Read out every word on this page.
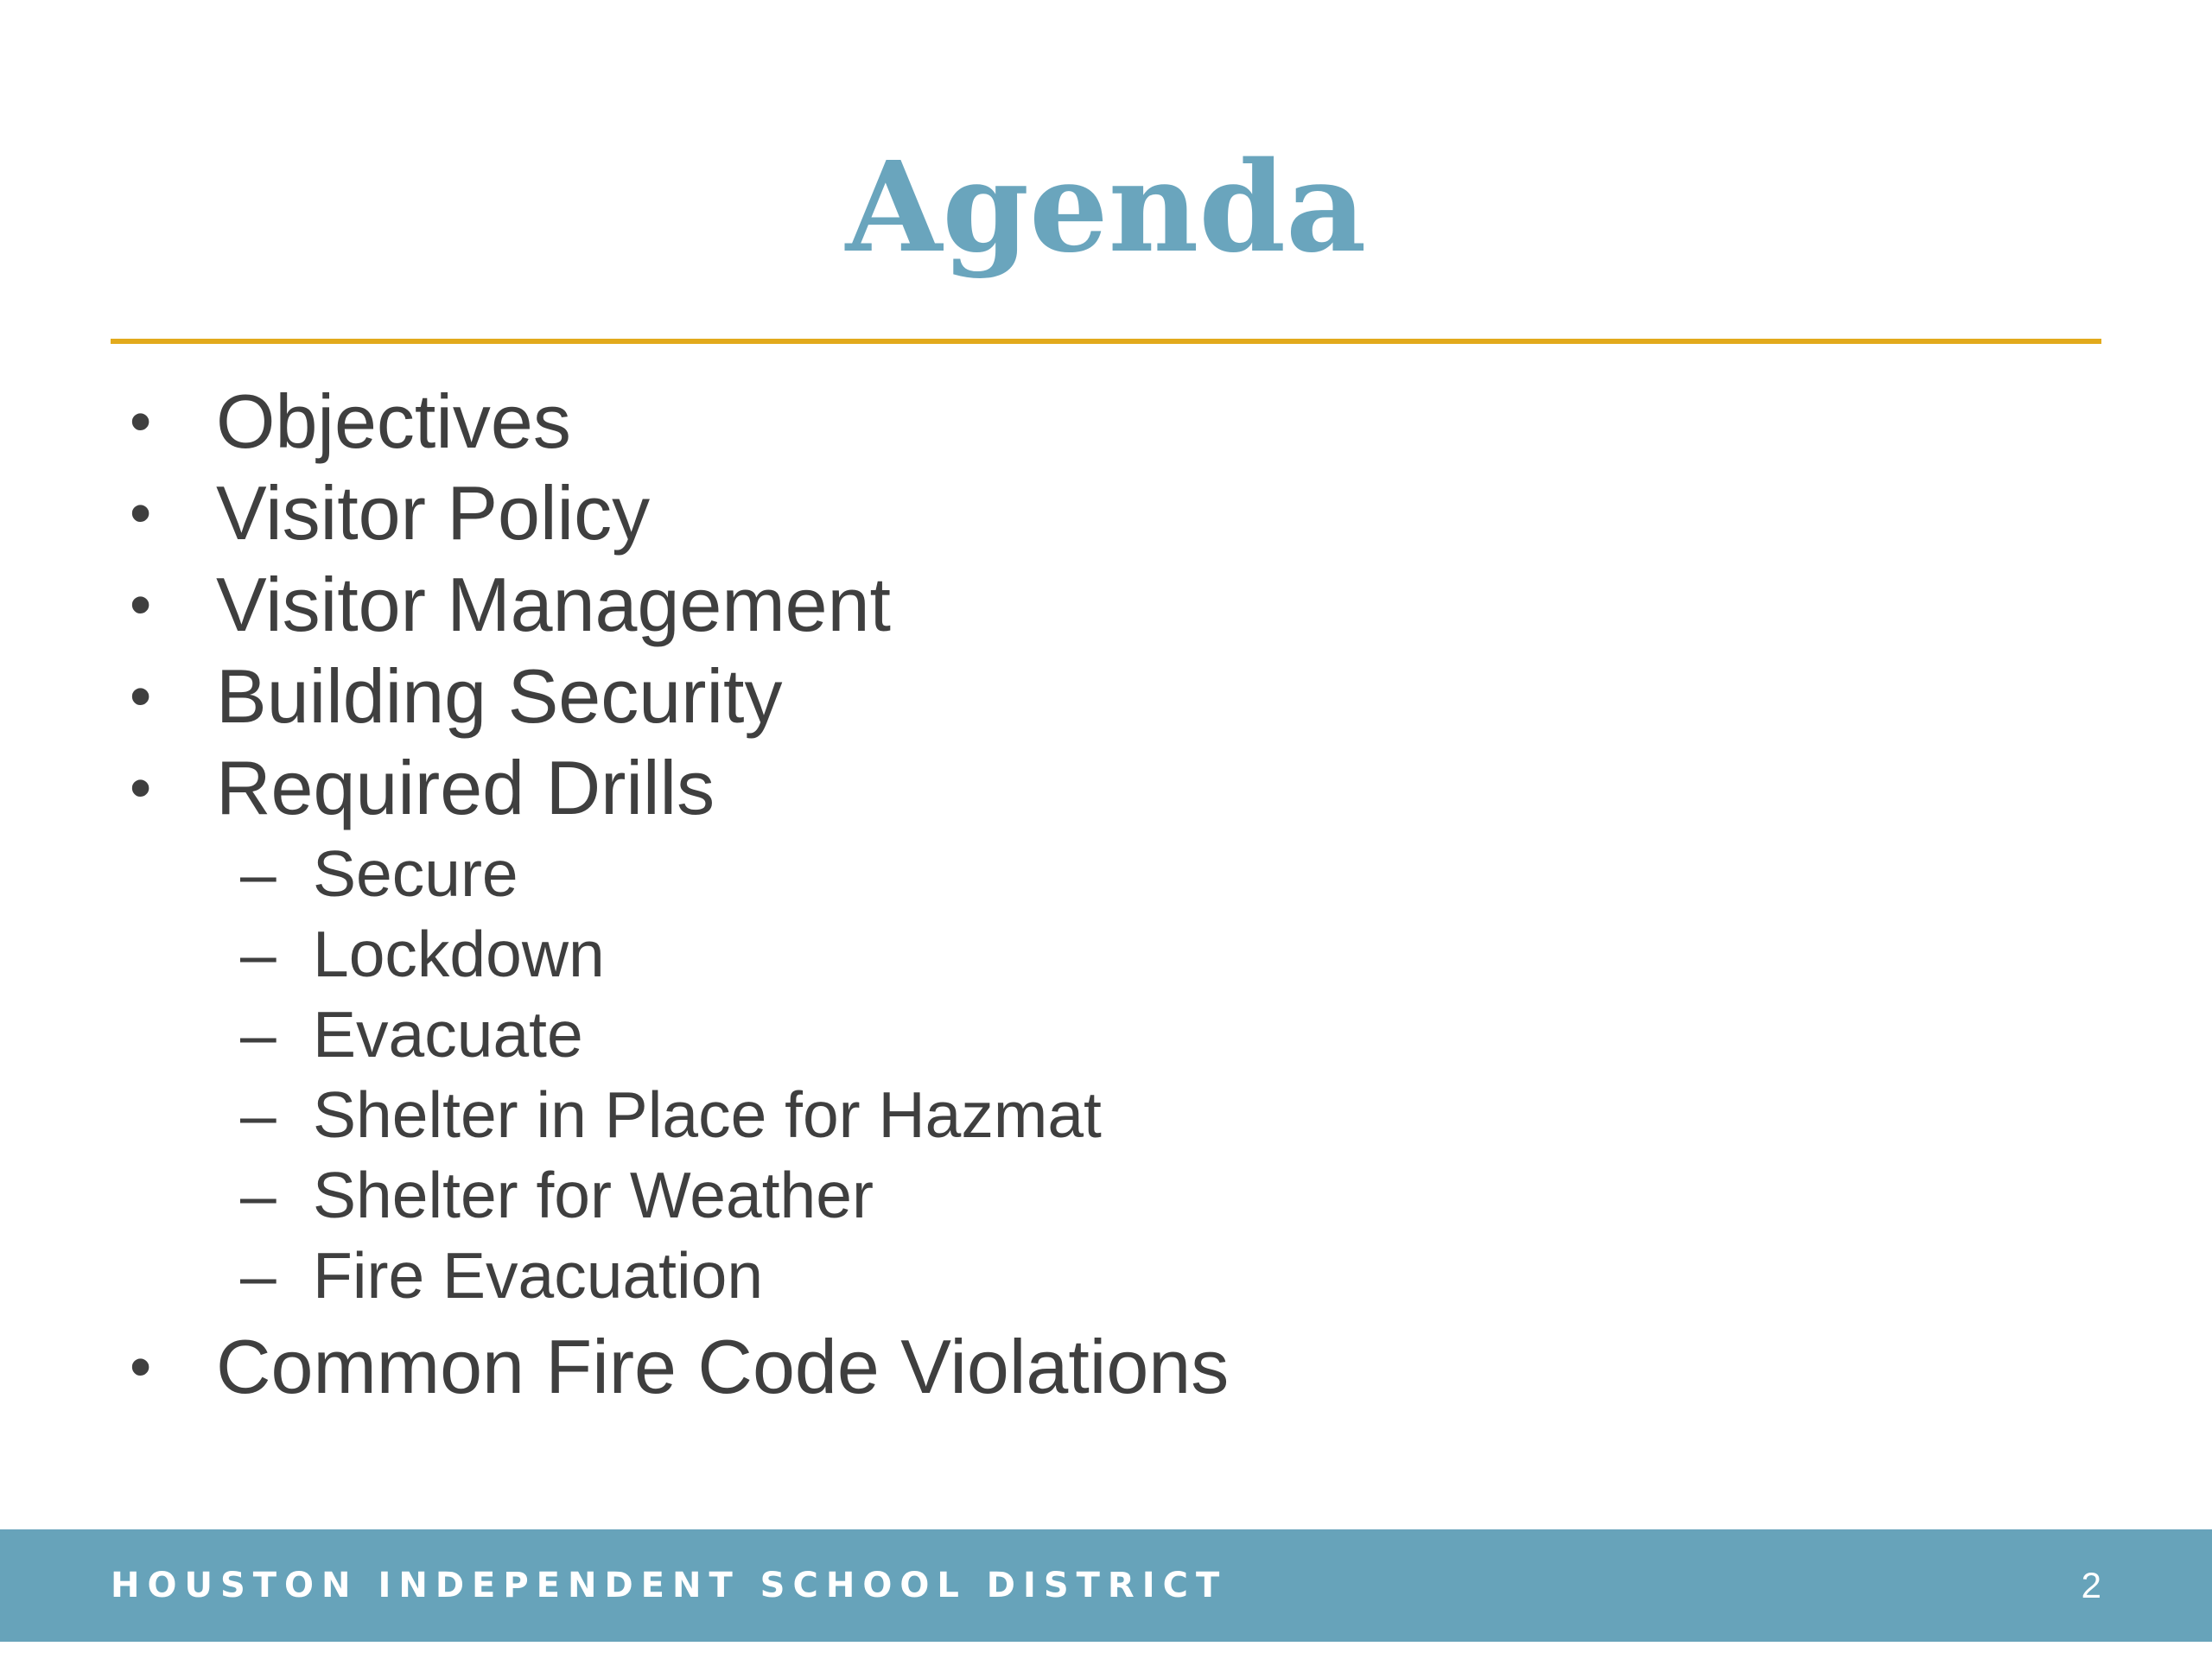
Agenda
• Objectives
• Visitor Policy
• Visitor Management
• Building Security
• Required Drills
– Secure
– Lockdown
– Evacuate
– Shelter in Place for Hazmat
– Shelter for Weather
– Fire Evacuation
• Common Fire Code Violations
HOUSTON INDEPENDENT SCHOOL DISTRICT	2
